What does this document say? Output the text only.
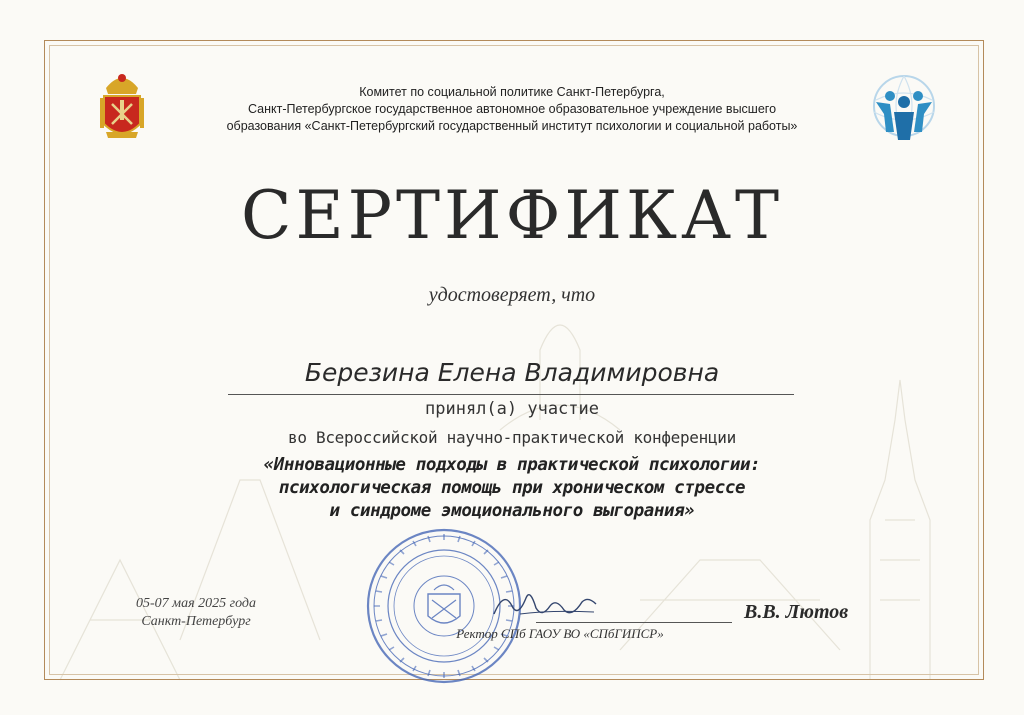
Комитет по социальной политике Санкт-Петербурга,
Санкт-Петербургское государственное автономное образовательное учреждение высшего
образования «Санкт-Петербургский государственный институт психологии и социальной работы»
СЕРТИФИКАТ
удостоверяет, что
Березина Елена Владимировна
принял(а) участие
во Всероссийской научно-практической конференции
«Инновационные подходы в практической психологии:
психологическая помощь при хроническом стрессе
и синдроме эмоционального выгорания»
05-07 мая 2025 года
Санкт-Петербург	В.В. Лютов
Ректор СПб ГАОУ ВО «СПбГИПСР»
